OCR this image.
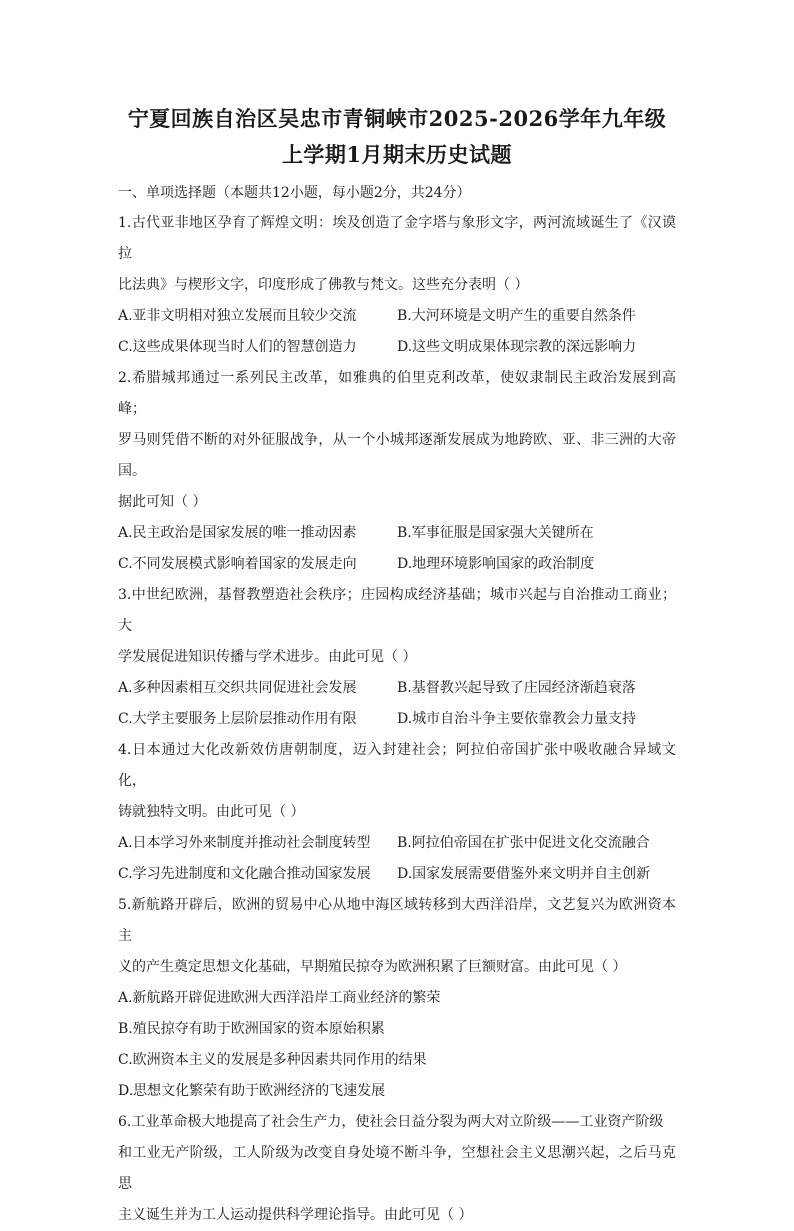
宁夏回族自治区吴忠市青铜峡市2025-2026学年九年级
上学期1月期末历史试题
一、单项选择题（本题共12小题，每小题2分，共24分）
1.古代亚非地区孕育了辉煌文明：埃及创造了金字塔与象形文字，两河流域诞生了《汉谟拉
比法典》与楔形文字，印度形成了佛教与梵文。这些充分表明（ ）
A.亚非文明相对独立发展而且较少交流	B.大河环境是文明产生的重要自然条件
C.这些成果体现当时人们的智慧创造力	D.这些文明成果体现宗教的深远影响力
2.希腊城邦通过一系列民主改革，如雅典的伯里克利改革，使奴隶制民主政治发展到高峰；
罗马则凭借不断的对外征服战争，从一个小城邦逐渐发展成为地跨欧、亚、非三洲的大帝国。
据此可知（ ）
A.民主政治是国家发展的唯一推动因素	B.军事征服是国家强大关键所在
C.不同发展模式影响着国家的发展走向	D.地理环境影响国家的政治制度
3.中世纪欧洲，基督教塑造社会秩序；庄园构成经济基础；城市兴起与自治推动工商业；大
学发展促进知识传播与学术进步。由此可见（ ）
A.多种因素相互交织共同促进社会发展	B.基督教兴起导致了庄园经济渐趋衰落
C.大学主要服务上层阶层推动作用有限	D.城市自治斗争主要依靠教会力量支持
4.日本通过大化改新效仿唐朝制度，迈入封建社会；阿拉伯帝国扩张中吸收融合异域文化，
铸就独特文明。由此可见（ ）
A.日本学习外来制度并推动社会制度转型	B.阿拉伯帝国在扩张中促进文化交流融合
C.学习先进制度和文化融合推动国家发展	D.国家发展需要借鉴外来文明并自主创新
5.新航路开辟后，欧洲的贸易中心从地中海区域转移到大西洋沿岸，文艺复兴为欧洲资本主
义的产生奠定思想文化基础，早期殖民掠夺为欧洲积累了巨额财富。由此可见（ ）
A.新航路开辟促进欧洲大西洋沿岸工商业经济的繁荣
B.殖民掠夺有助于欧洲国家的资本原始积累
C.欧洲资本主义的发展是多种因素共同作用的结果
D.思想文化繁荣有助于欧洲经济的飞速发展
6.工业革命极大地提高了社会生产力，使社会日益分裂为两大对立阶级——工业资产阶级
和工业无产阶级，工人阶级为改变自身处境不断斗争，空想社会主义思潮兴起，之后马克思
主义诞生并为工人运动提供科学理论指导。由此可见（ ）
